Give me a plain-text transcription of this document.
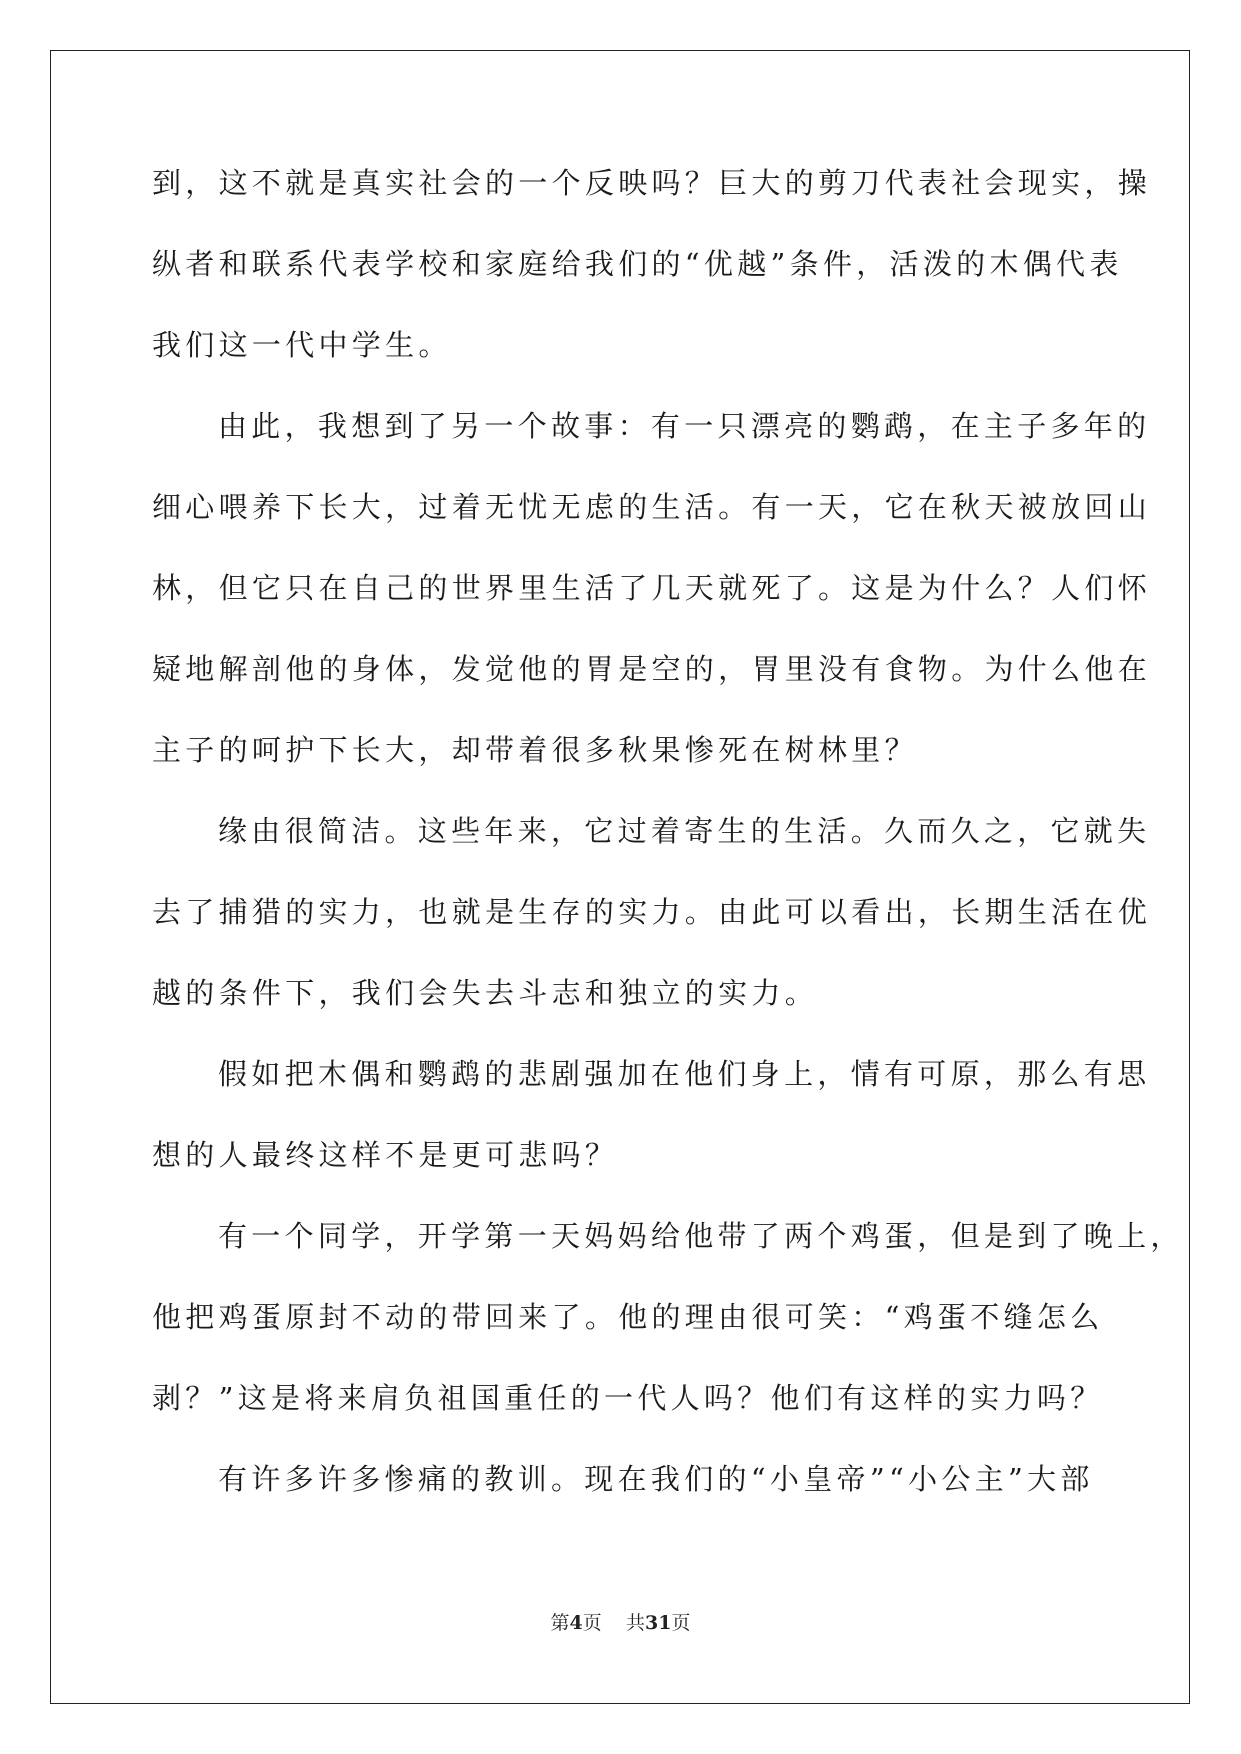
到，这不就是真实社会的一个反映吗？巨大的剪刀代表社会现实，操
纵者和联系代表学校和家庭给我们的“优越”条件，活泼的木偶代表
我们这一代中学生。
由此，我想到了另一个故事：有一只漂亮的鹦鹉，在主子多年的
细心喂养下长大，过着无忧无虑的生活。有一天，它在秋天被放回山
林，但它只在自己的世界里生活了几天就死了。这是为什么？人们怀
疑地解剖他的身体，发觉他的胃是空的，胃里没有食物。为什么他在
主子的呵护下长大，却带着很多秋果惨死在树林里？
缘由很简洁。这些年来，它过着寄生的生活。久而久之，它就失
去了捕猎的实力，也就是生存的实力。由此可以看出，长期生活在优
越的条件下，我们会失去斗志和独立的实力。
假如把木偶和鹦鹉的悲剧强加在他们身上，情有可原，那么有思
想的人最终这样不是更可悲吗？
有一个同学，开学第一天妈妈给他带了两个鸡蛋，但是到了晚上，
他把鸡蛋原封不动的带回来了。他的理由很可笑：“鸡蛋不缝怎么
剥？”这是将来肩负祖国重任的一代人吗？他们有这样的实力吗？
有许多许多惨痛的教训。现在我们的“小皇帝”“小公主”大部
第4页 共31页
